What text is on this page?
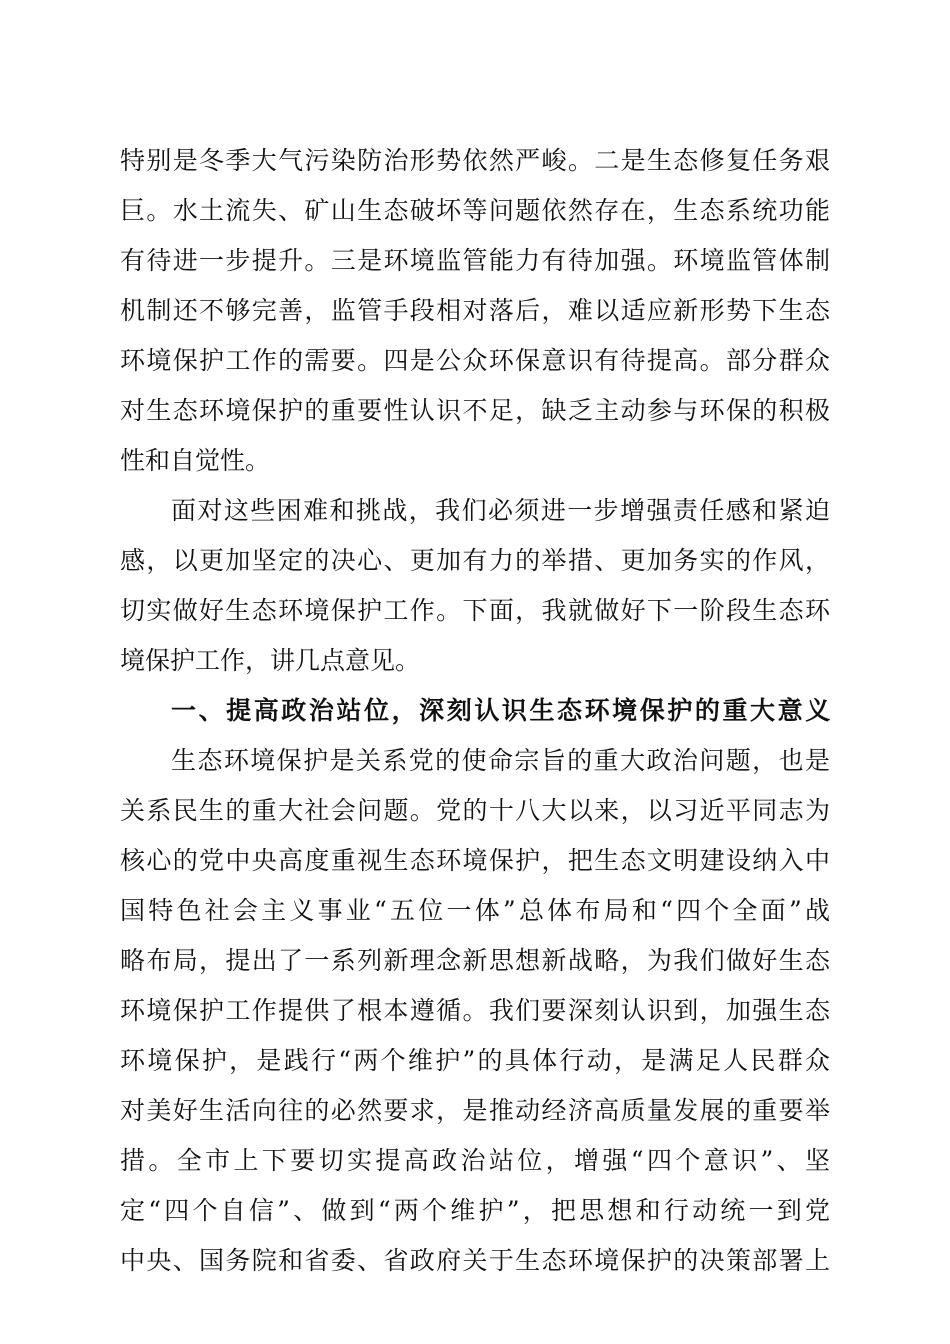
特别是冬季大气污染防治形势依然严峻。二是生态修复任务艰
巨。水土流失、矿山生态破坏等问题依然存在，生态系统功能
有待进一步提升。三是环境监管能力有待加强。环境监管体制
机制还不够完善，监管手段相对落后，难以适应新形势下生态
环境保护工作的需要。四是公众环保意识有待提高。部分群众
对生态环境保护的重要性认识不足，缺乏主动参与环保的积极
性和自觉性。
面对这些困难和挑战，我们必须进一步增强责任感和紧迫
感，以更加坚定的决心、更加有力的举措、更加务实的作风，
切实做好生态环境保护工作。下面，我就做好下一阶段生态环
境保护工作，讲几点意见。
一、提高政治站位，深刻认识生态环境保护的重大意义
生态环境保护是关系党的使命宗旨的重大政治问题，也是
关系民生的重大社会问题。党的十八大以来，以习近平同志为
核心的党中央高度重视生态环境保护，把生态文明建设纳入中
国特色社会主义事业“五位一体”总体布局和“四个全面”战
略布局，提出了一系列新理念新思想新战略，为我们做好生态
环境保护工作提供了根本遵循。我们要深刻认识到，加强生态
环境保护，是践行“两个维护”的具体行动，是满足人民群众
对美好生活向往的必然要求，是推动经济高质量发展的重要举
措。全市上下要切实提高政治站位，增强“四个意识”、坚
定“四个自信”、做到“两个维护”，把思想和行动统一到党
中央、国务院和省委、省政府关于生态环境保护的决策部署上
